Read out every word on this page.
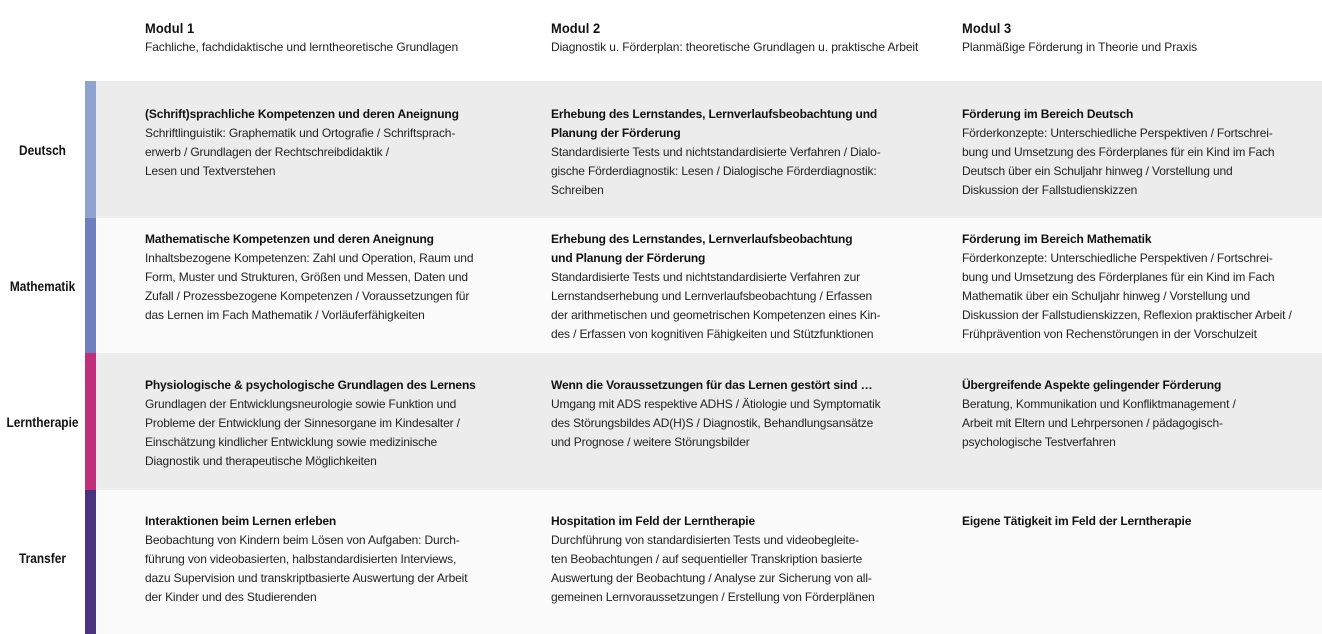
Modul 1
Fachliche, fachdidaktische und lerntheoretische Grundlagen
Modul 2
Diagnostik u. Förderplan: theoretische Grundlagen u. praktische Arbeit
Modul 3
Planmäßige Förderung in Theorie und Praxis
Deutsch
(Schrift)sprachliche Kompetenzen und deren Aneignung
Schriftlinguistik: Graphematik und Ortografie / Schriftsprach-
erwerb / Grundlagen der Rechtschreibdidaktik /
Lesen und Textverstehen
Erhebung des Lernstandes, Lernverlaufsbeobachtung und
Planung der Förderung
Standardisierte Tests und nichtstandardisierte Verfahren / Dialo-
gische Förderdiagnostik: Lesen / Dialogische Förderdiagnostik:
Schreiben
Förderung im Bereich Deutsch
Förderkonzepte: Unterschiedliche Perspektiven / Fortschrei-
bung und Umsetzung des Förderplanes für ein Kind im Fach
Deutsch über ein Schuljahr hinweg / Vorstellung und
Diskussion der Fallstudienskizzen
Mathematik
Mathematische Kompetenzen und deren Aneignung
Inhaltsbezogene Kompetenzen: Zahl und Operation, Raum und
Form, Muster und Strukturen, Größen und Messen, Daten und
Zufall / Prozessbezogene Kompetenzen / Voraussetzungen für
das Lernen im Fach Mathematik / Vorläuferfähigkeiten
Erhebung des Lernstandes, Lernverlaufsbeobachtung
und Planung der Förderung
Standardisierte Tests und nichtstandardisierte Verfahren zur
Lernstandserhebung und Lernverlaufsbeobachtung / Erfassen
der arithmetischen und geometrischen Kompetenzen eines Kin-
des / Erfassen von kognitiven Fähigkeiten und Stützfunktionen
Förderung im Bereich Mathematik
Förderkonzepte: Unterschiedliche Perspektiven / Fortschrei-
bung und Umsetzung des Förderplanes für ein Kind im Fach
Mathematik über ein Schuljahr hinweg / Vorstellung und
Diskussion der Fallstudienskizzen, Reflexion praktischer Arbeit /
Frühprävention von Rechenstörungen in der Vorschulzeit
Lerntherapie
Physiologische & psychologische Grundlagen des Lernens
Grundlagen der Entwicklungsneurologie sowie Funktion und
Probleme der Entwicklung der Sinnesorgane im Kindesalter /
Einschätzung kindlicher Entwicklung sowie medizinische
Diagnostik und therapeutische Möglichkeiten
Wenn die Voraussetzungen für das Lernen gestört sind …
Umgang mit ADS respektive ADHS / Ätiologie und Symptomatik
des Störungsbildes AD(H)S / Diagnostik, Behandlungsansätze
und Prognose / weitere Störungsbilder
Übergreifende Aspekte gelingender Förderung
Beratung, Kommunikation und Konfliktmanagement /
Arbeit mit Eltern und Lehrpersonen / pädagogisch-
psychologische Testverfahren
Transfer
Interaktionen beim Lernen erleben
Beobachtung von Kindern beim Lösen von Aufgaben: Durch-
führung von videobasierten, halbstandardisierten Interviews,
dazu Supervision und transkriptbasierte Auswertung der Arbeit
der Kinder und des Studierenden
Hospitation im Feld der Lerntherapie
Durchführung von standardisierten Tests und videobegleite-
ten Beobachtungen / auf sequentieller Transkription basierte
Auswertung der Beobachtung / Analyse zur Sicherung von all-
gemeinen Lernvoraussetzungen / Erstellung von Förderplänen
Eigene Tätigkeit im Feld der Lerntherapie
